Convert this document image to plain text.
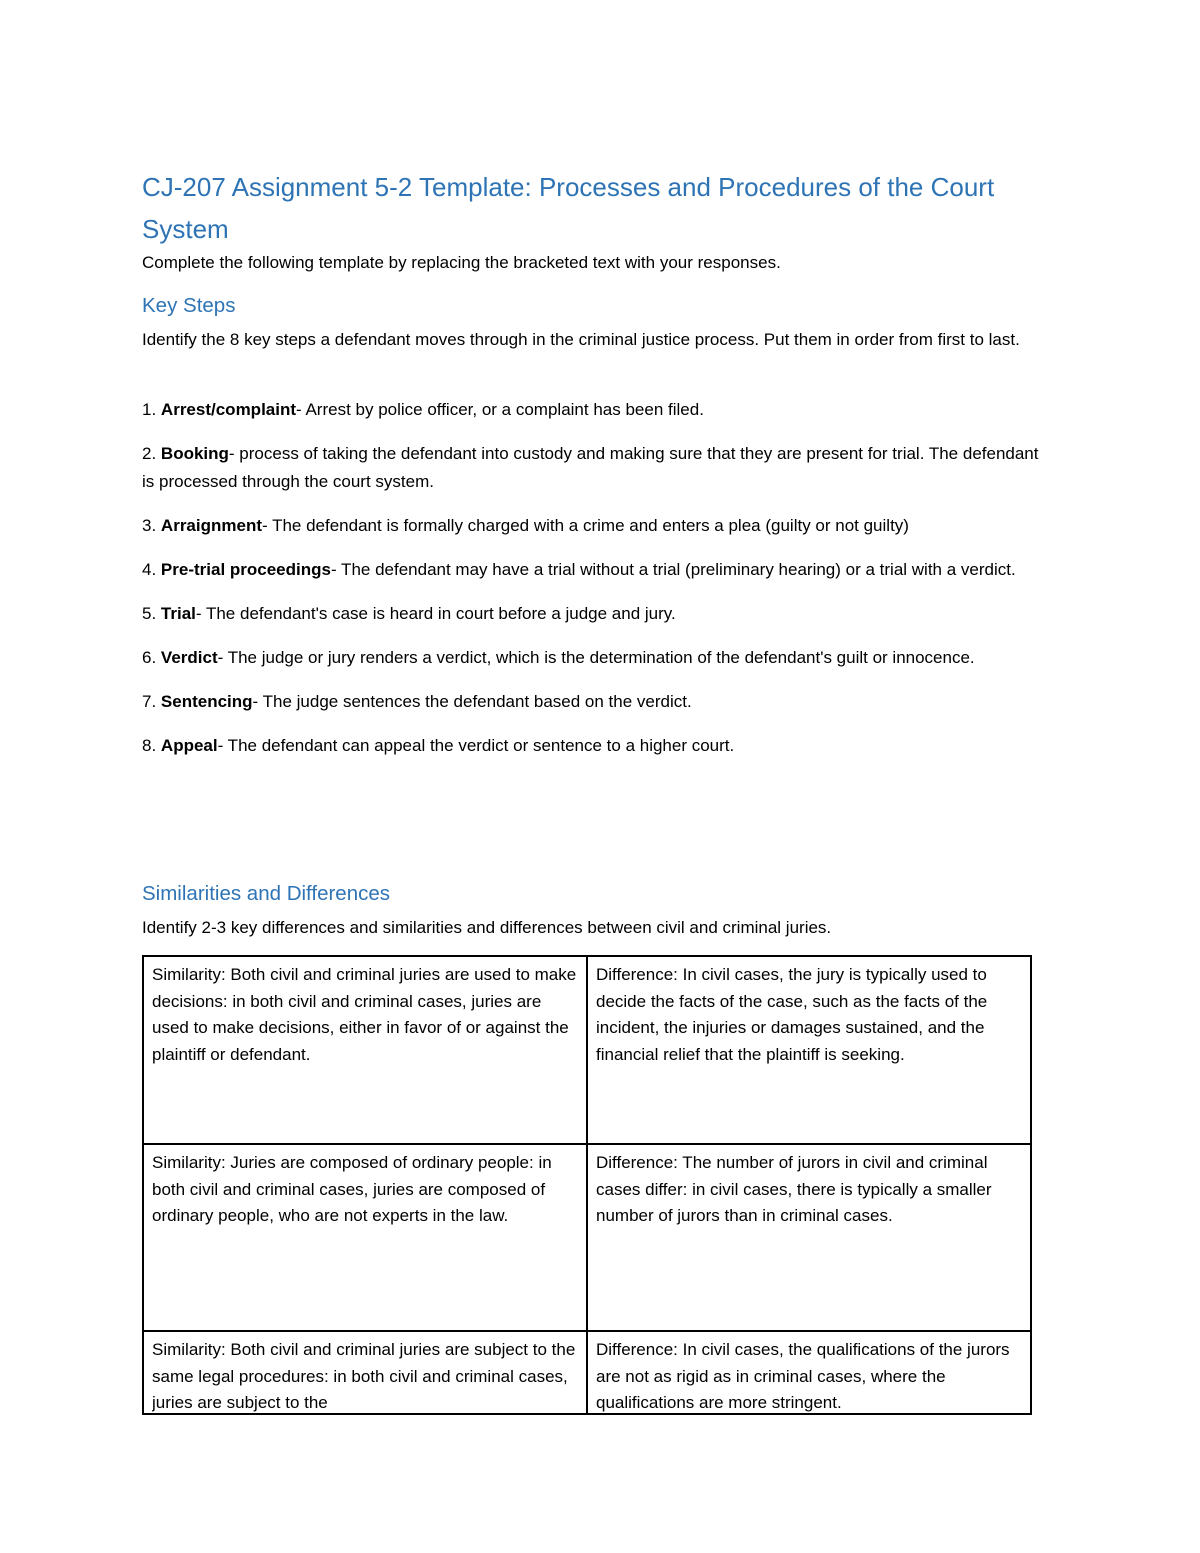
CJ-207 Assignment 5-2 Template: Processes and Procedures of the Court System

Complete the following template by replacing the bracketed text with your responses.

Key Steps

Identify the 8 key steps a defendant moves through in the criminal justice process. Put them in order from first to last.

1. Arrest/complaint- Arrest by police officer, or a complaint has been filed.
2. Booking- process of taking the defendant into custody and making sure that they are present for trial. The defendant is processed through the court system.
3. Arraignment- The defendant is formally charged with a crime and enters a plea (guilty or not guilty)
4. Pre-trial proceedings- The defendant may have a trial without a trial (preliminary hearing) or a trial with a verdict.
5. Trial- The defendant's case is heard in court before a judge and jury.
6. Verdict- The judge or jury renders a verdict, which is the determination of the defendant's guilt or innocence.
7. Sentencing- The judge sentences the defendant based on the verdict.
8. Appeal- The defendant can appeal the verdict or sentence to a higher court.
Similarities and Differences

Identify 2-3 key differences and similarities and differences between civil and criminal juries.

Similarity: Both civil and criminal juries are used to make decisions: in both civil and criminal cases, juries are used to make decisions, either in favor of or against the plaintiff or defendant.	Difference: In civil cases, the jury is typically used to decide the facts of the case, such as the facts of the incident, the injuries or damages sustained, and the financial relief that the plaintiff is seeking.
Similarity: Juries are composed of ordinary people: in both civil and criminal cases, juries are composed of ordinary people, who are not experts in the law.	Difference: The number of jurors in civil and criminal cases differ: in civil cases, there is typically a smaller number of jurors than in criminal cases.

Similarity: Both civil and criminal juries are subject to the same legal procedures: in both civil and criminal cases, juries are subject to the	Difference: In civil cases, the qualifications of the jurors are not as rigid as in criminal cases, where the qualifications are more stringent.
